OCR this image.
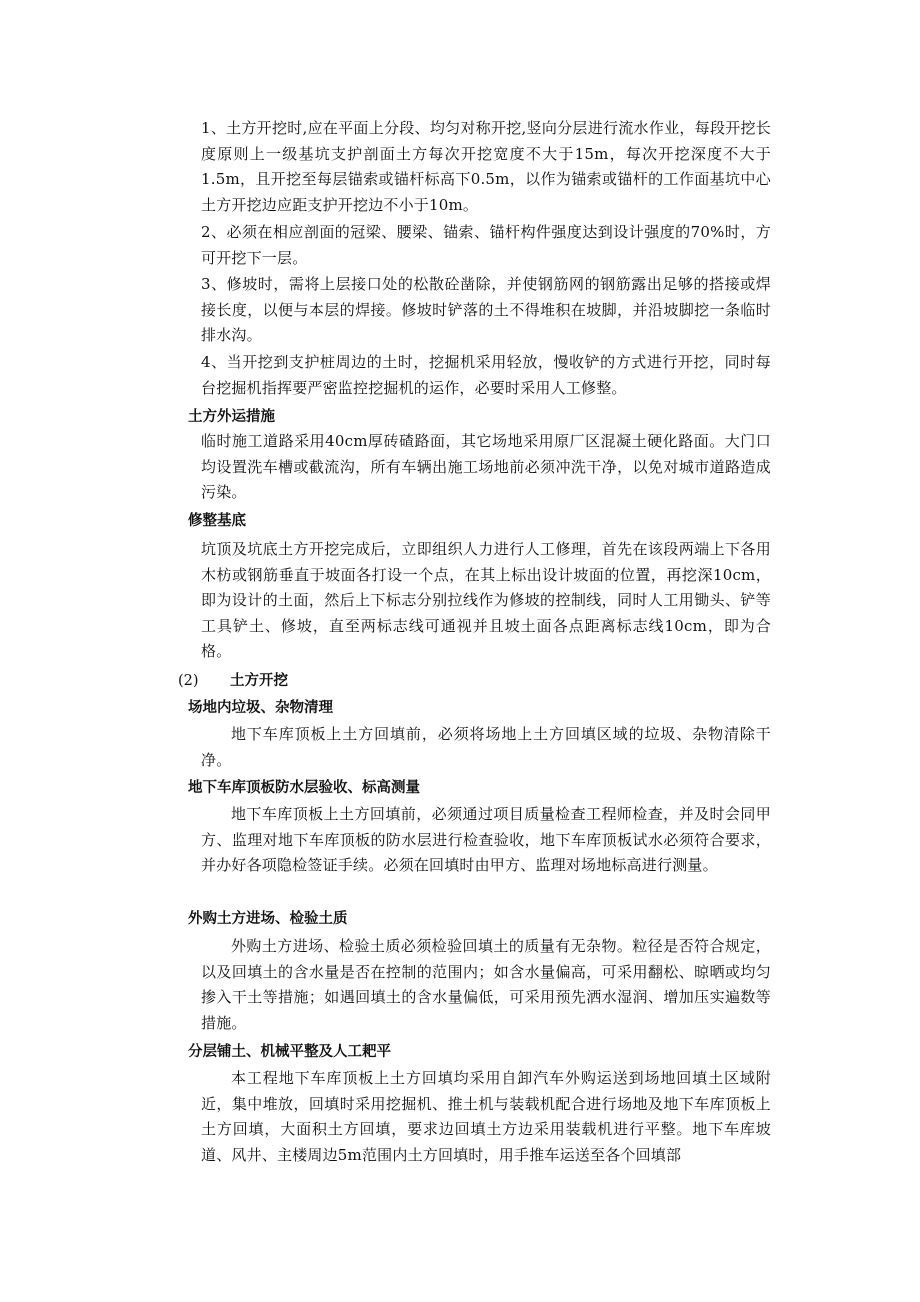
1、土方开挖时,应在平面上分段、均匀对称开挖,竖向分层进行流水作业，每段开挖长度原则上一级基坑支护剖面土方每次开挖宽度不大于15m，每次开挖深度不大于1.5m，且开挖至每层锚索或锚杆标高下0.5m，以作为锚索或锚杆的工作面基坑中心土方开挖边应距支护开挖边不小于10m。

2、必须在相应剖面的冠梁、腰梁、锚索、锚杆构件强度达到设计强度的70%时，方可开挖下一层。

3、修坡时，需将上层接口处的松散砼凿除，并使钢筋网的钢筋露出足够的搭接或焊接长度，以便与本层的焊接。修坡时铲落的土不得堆积在坡脚，并沿坡脚挖一条临时排水沟。

4、当开挖到支护桩周边的土时，挖掘机采用轻放，慢收铲的方式进行开挖，同时每台挖掘机指挥要严密监控挖掘机的运作，必要时采用人工修整。

土方外运措施

临时施工道路采用40cm厚砖碴路面，其它场地采用原厂区混凝土硬化路面。大门口均设置洗车槽或截流沟，所有车辆出施工场地前必须冲洗干净，以免对城市道路造成污染。

修整基底

坑顶及坑底土方开挖完成后，立即组织人力进行人工修理，首先在该段两端上下各用木枋或钢筋垂直于坡面各打设一个点，在其上标出设计坡面的位置，再挖深10cm，即为设计的土面，然后上下标志分别拉线作为修坡的控制线，同时人工用锄头、铲等工具铲土、修坡，直至两标志线可通视并且坡土面各点距离标志线10cm，即为合格。

(2) 土方开挖
场地内垃圾、杂物清理

地下车库顶板上土方回填前，必须将场地上土方回填区域的垃圾、杂物清除干净。

地下车库顶板防水层验收、标高测量

地下车库顶板上土方回填前，必须通过项目质量检查工程师检查，并及时会同甲方、监理对地下车库顶板的防水层进行检查验收，地下车库顶板试水必须符合要求，并办好各项隐检签证手续。必须在回填时由甲方、监理对场地标高进行测量。

外购土方进场、检验土质

外购土方进场、检验土质必须检验回填土的质量有无杂物。粒径是否符合规定，以及回填土的含水量是否在控制的范围内；如含水量偏高，可采用翻松、晾晒或均匀掺入干土等措施；如遇回填土的含水量偏低，可采用预先洒水湿润、增加压实遍数等措施。

分层铺土、机械平整及人工耙平

本工程地下车库顶板上土方回填均采用自卸汽车外购运送到场地回填土区域附近，集中堆放，回填时采用挖掘机、推土机与装载机配合进行场地及地下车库顶板上土方回填，大面积土方回填，要求边回填土方边采用装载机进行平整。地下车库坡道、风井、主楼周边5m范围内土方回填时，用手推车运送至各个回填部
